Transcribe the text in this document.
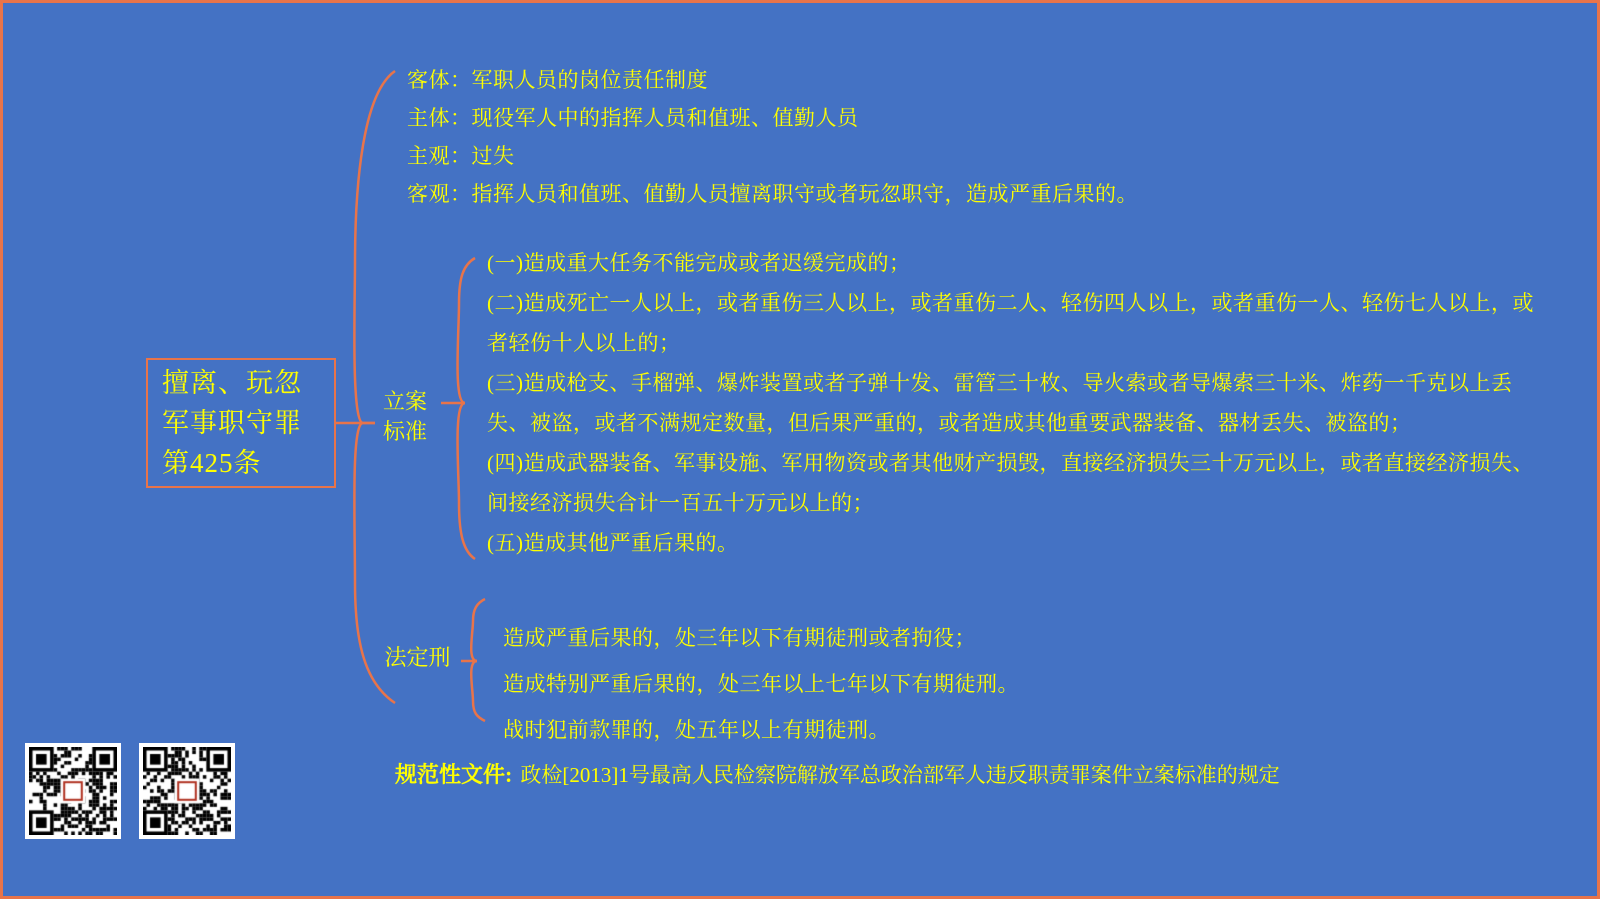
擅离、玩忽
军事职守罪
第425条
立案
标准
法定刑
客体：军职人员的岗位责任制度
主体：现役军人中的指挥人员和值班、值勤人员
主观：过失
客观：指挥人员和值班、值勤人员擅离职守或者玩忽职守，造成严重后果的。
(一)造成重大任务不能完成或者迟缓完成的；
(二)造成死亡一人以上，或者重伤三人以上，或者重伤二人、轻伤四人以上，或者重伤一人、轻伤七人以上，或者轻伤十人以上的；
(三)造成枪支、手榴弹、爆炸装置或者子弹十发、雷管三十枚、导火索或者导爆索三十米、炸药一千克以上丢失、被盗，或者不满规定数量，但后果严重的，或者造成其他重要武器装备、器材丢失、被盗的；
(四)造成武器装备、军事设施、军用物资或者其他财产损毁，直接经济损失三十万元以上，或者直接经济损失、间接经济损失合计一百五十万元以上的；
(五)造成其他严重后果的。
造成严重后果的，处三年以下有期徒刑或者拘役；
造成特别严重后果的，处三年以上七年以下有期徒刑。
战时犯前款罪的，处五年以上有期徒刑。
规范性文件: 政检[2013]1号最高人民检察院解放军总政治部军人违反职责罪案件立案标准的规定
